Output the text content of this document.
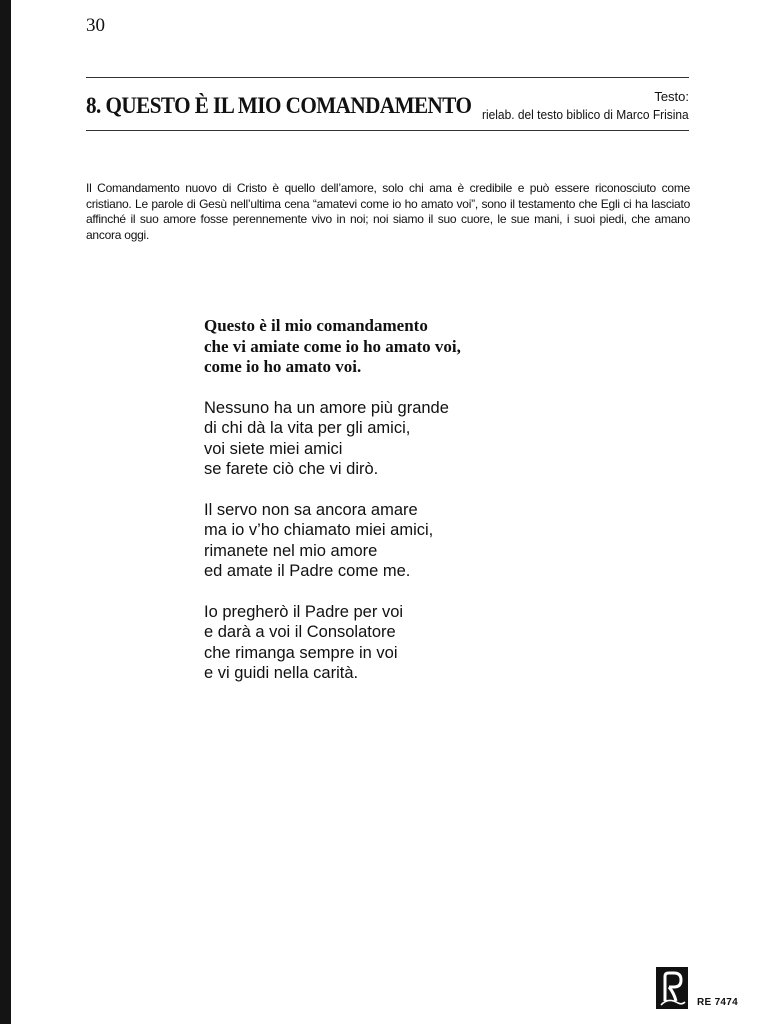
30
8. QUESTO È IL MIO COMANDAMENTO	Testo:
rielab. del testo biblico di Marco Frisina

Il Comandamento nuovo di Cristo è quello dell’amore, solo chi ama è credibile e può essere riconosciuto come cristiano. Le parole di Gesù nell’ultima cena “amatevi come io ho amato voi”, sono il testamento che Egli ci ha lasciato affinché il suo amore fosse perennemente vivo in noi; noi siamo il suo cuore, le sue mani, i suoi piedi, che amano ancora oggi.

Questo è il mio comandamento
che vi amiate come io ho amato voi,
come io ho amato voi.
Nessuno ha un amore più grande
di chi dà la vita per gli amici,
voi siete miei amici
se farete ciò che vi dirò.
Il servo non sa ancora amare
ma io v’ho chiamato miei amici,
rimanete nel mio amore
ed amate il Padre come me.
Io pregherò il Padre per voi
e darà a voi il Consolatore
che rimanga sempre in voi
e vi guidi nella carità.
RE 7474
